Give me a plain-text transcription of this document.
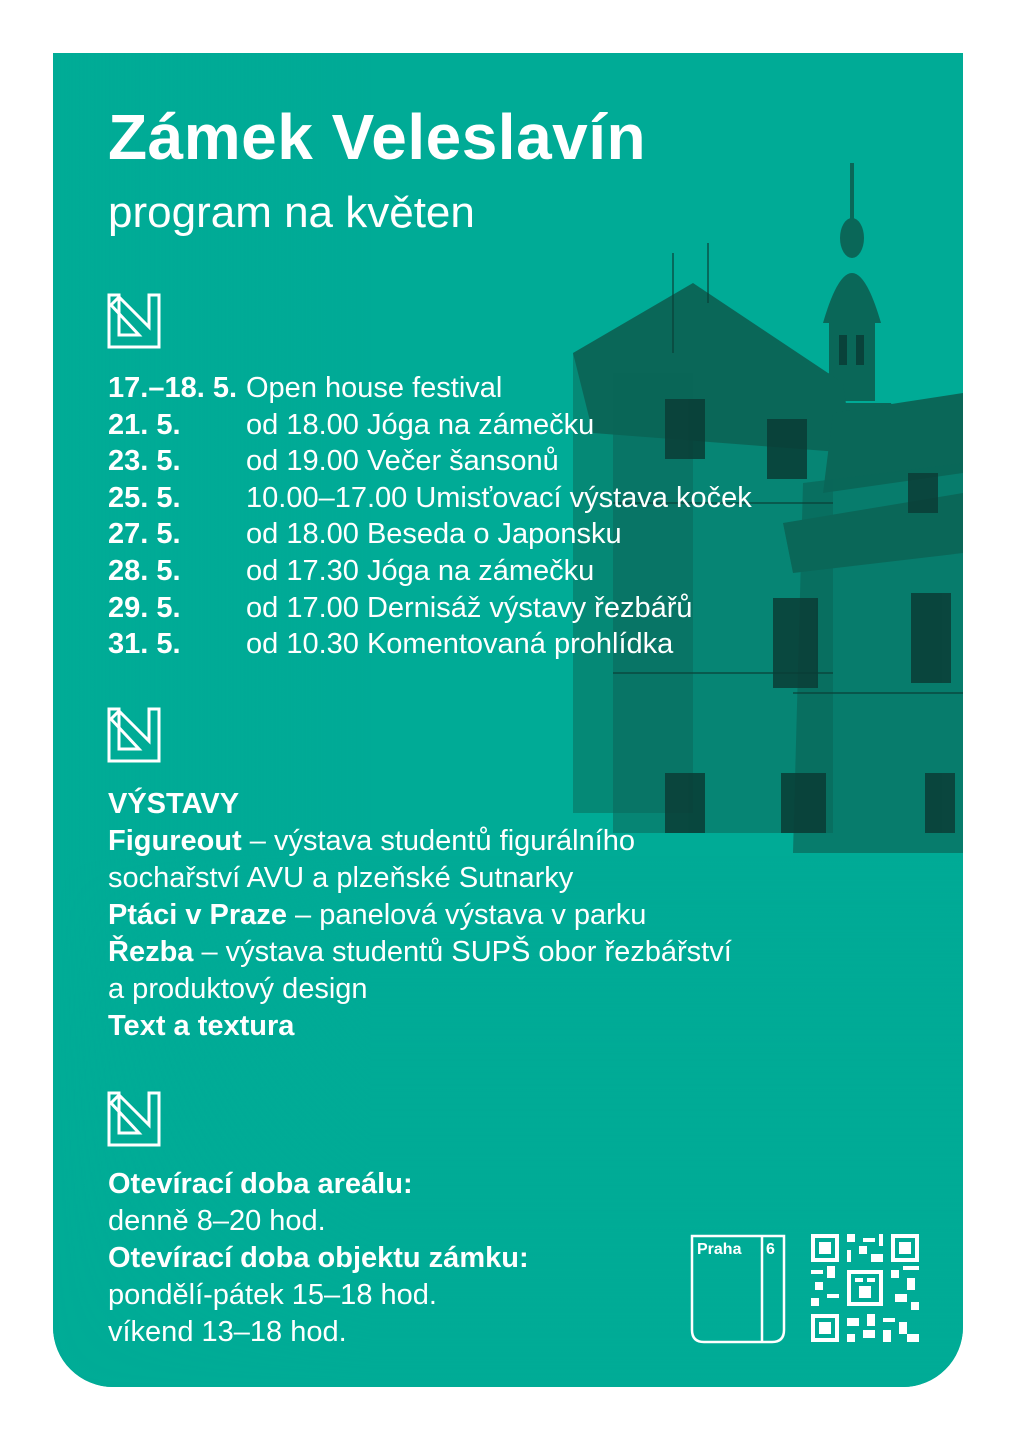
Zámek Veleslavín
program na květen
17.–18. 5. Open house festival
21. 5.	od 18.00 Jóga na zámečku
23. 5.	od 19.00 Večer šansonů
25. 5.	10.00–17.00 Umisťovací výstava koček
27. 5.	od 18.00 Beseda o Japonsku
28. 5.	od 17.30 Jóga na zámečku
29. 5.	od 17.00 Dernisáž výstavy řezbářů
31. 5.	od 10.30 Komentovaná prohlídka
VÝSTAVY
Figureout – výstava studentů figurálního
sochařství AVU a plzeňské Sutnarky
Ptáci v Praze – panelová výstava v parku
Řezba – výstava studentů SUPŠ obor řezbářství
a produktový design
Text a textura
Otevírací doba areálu:
denně 8–20 hod.
Otevírací doba objektu zámku:
pondělí-pátek 15–18 hod.
víkend 13–18 hod.
Praha 6
